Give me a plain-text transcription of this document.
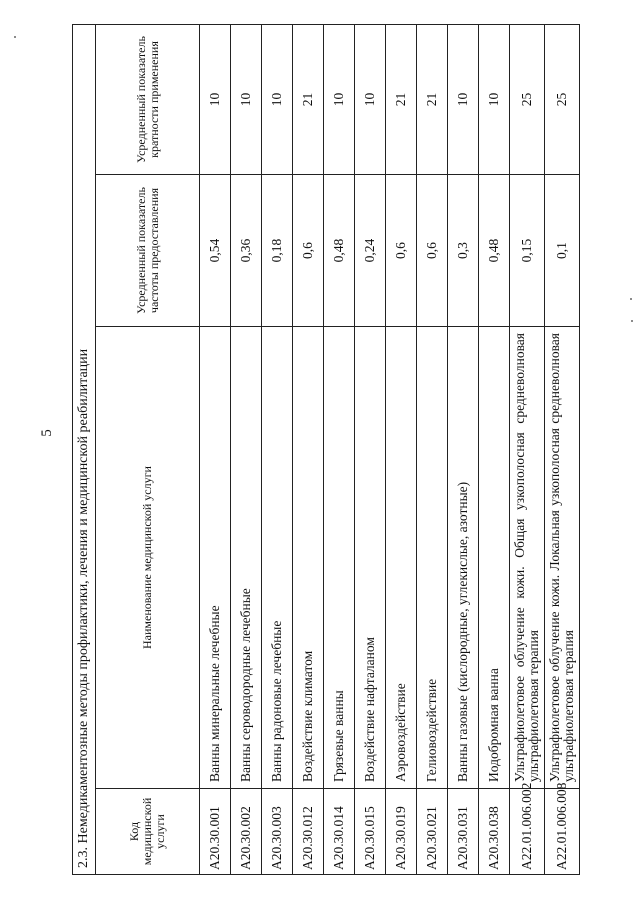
5 2.3. Немедикаментозные методы профилактики, лечения и медицинской реабилитации			
Код медицинской услуги	Наименование медицинской услуги	Усредненный показатель частоты предоставления	Усредненный показатель кратности применения
A20.30.001	Ванны минеральные лечебные	0,54	10
A20.30.002	Ванны сероводородные лечебные	0,36	10
A20.30.003	Ванны радоновые лечебные	0,18	10
A20.30.012	Воздействие климатом	0,6	21
A20.30.014	Грязевые ванны	0,48	10
A20.30.015	Воздействие нафталаном	0,24	10
A20.30.019	Аэровоздействие	0,6	21
A20.30.021	Гелиовоздействие	0,6	21
A20.30.031	Ванны газовые (кислородные, углекислые, азотные)	0,3	10
A20.30.038	Иодобромная ванна	0,48	10
A22.01.006.002	Ультрафиолетовое облучение кожи. Общая узкополосная средневолновая ультрафиолетовая терапия	0,15	25
A22.01.006.008	Ультрафиолетовое облучение кожи. Локальная узкополосная средневолновая ультрафиолетовая терапия	0,1	25
